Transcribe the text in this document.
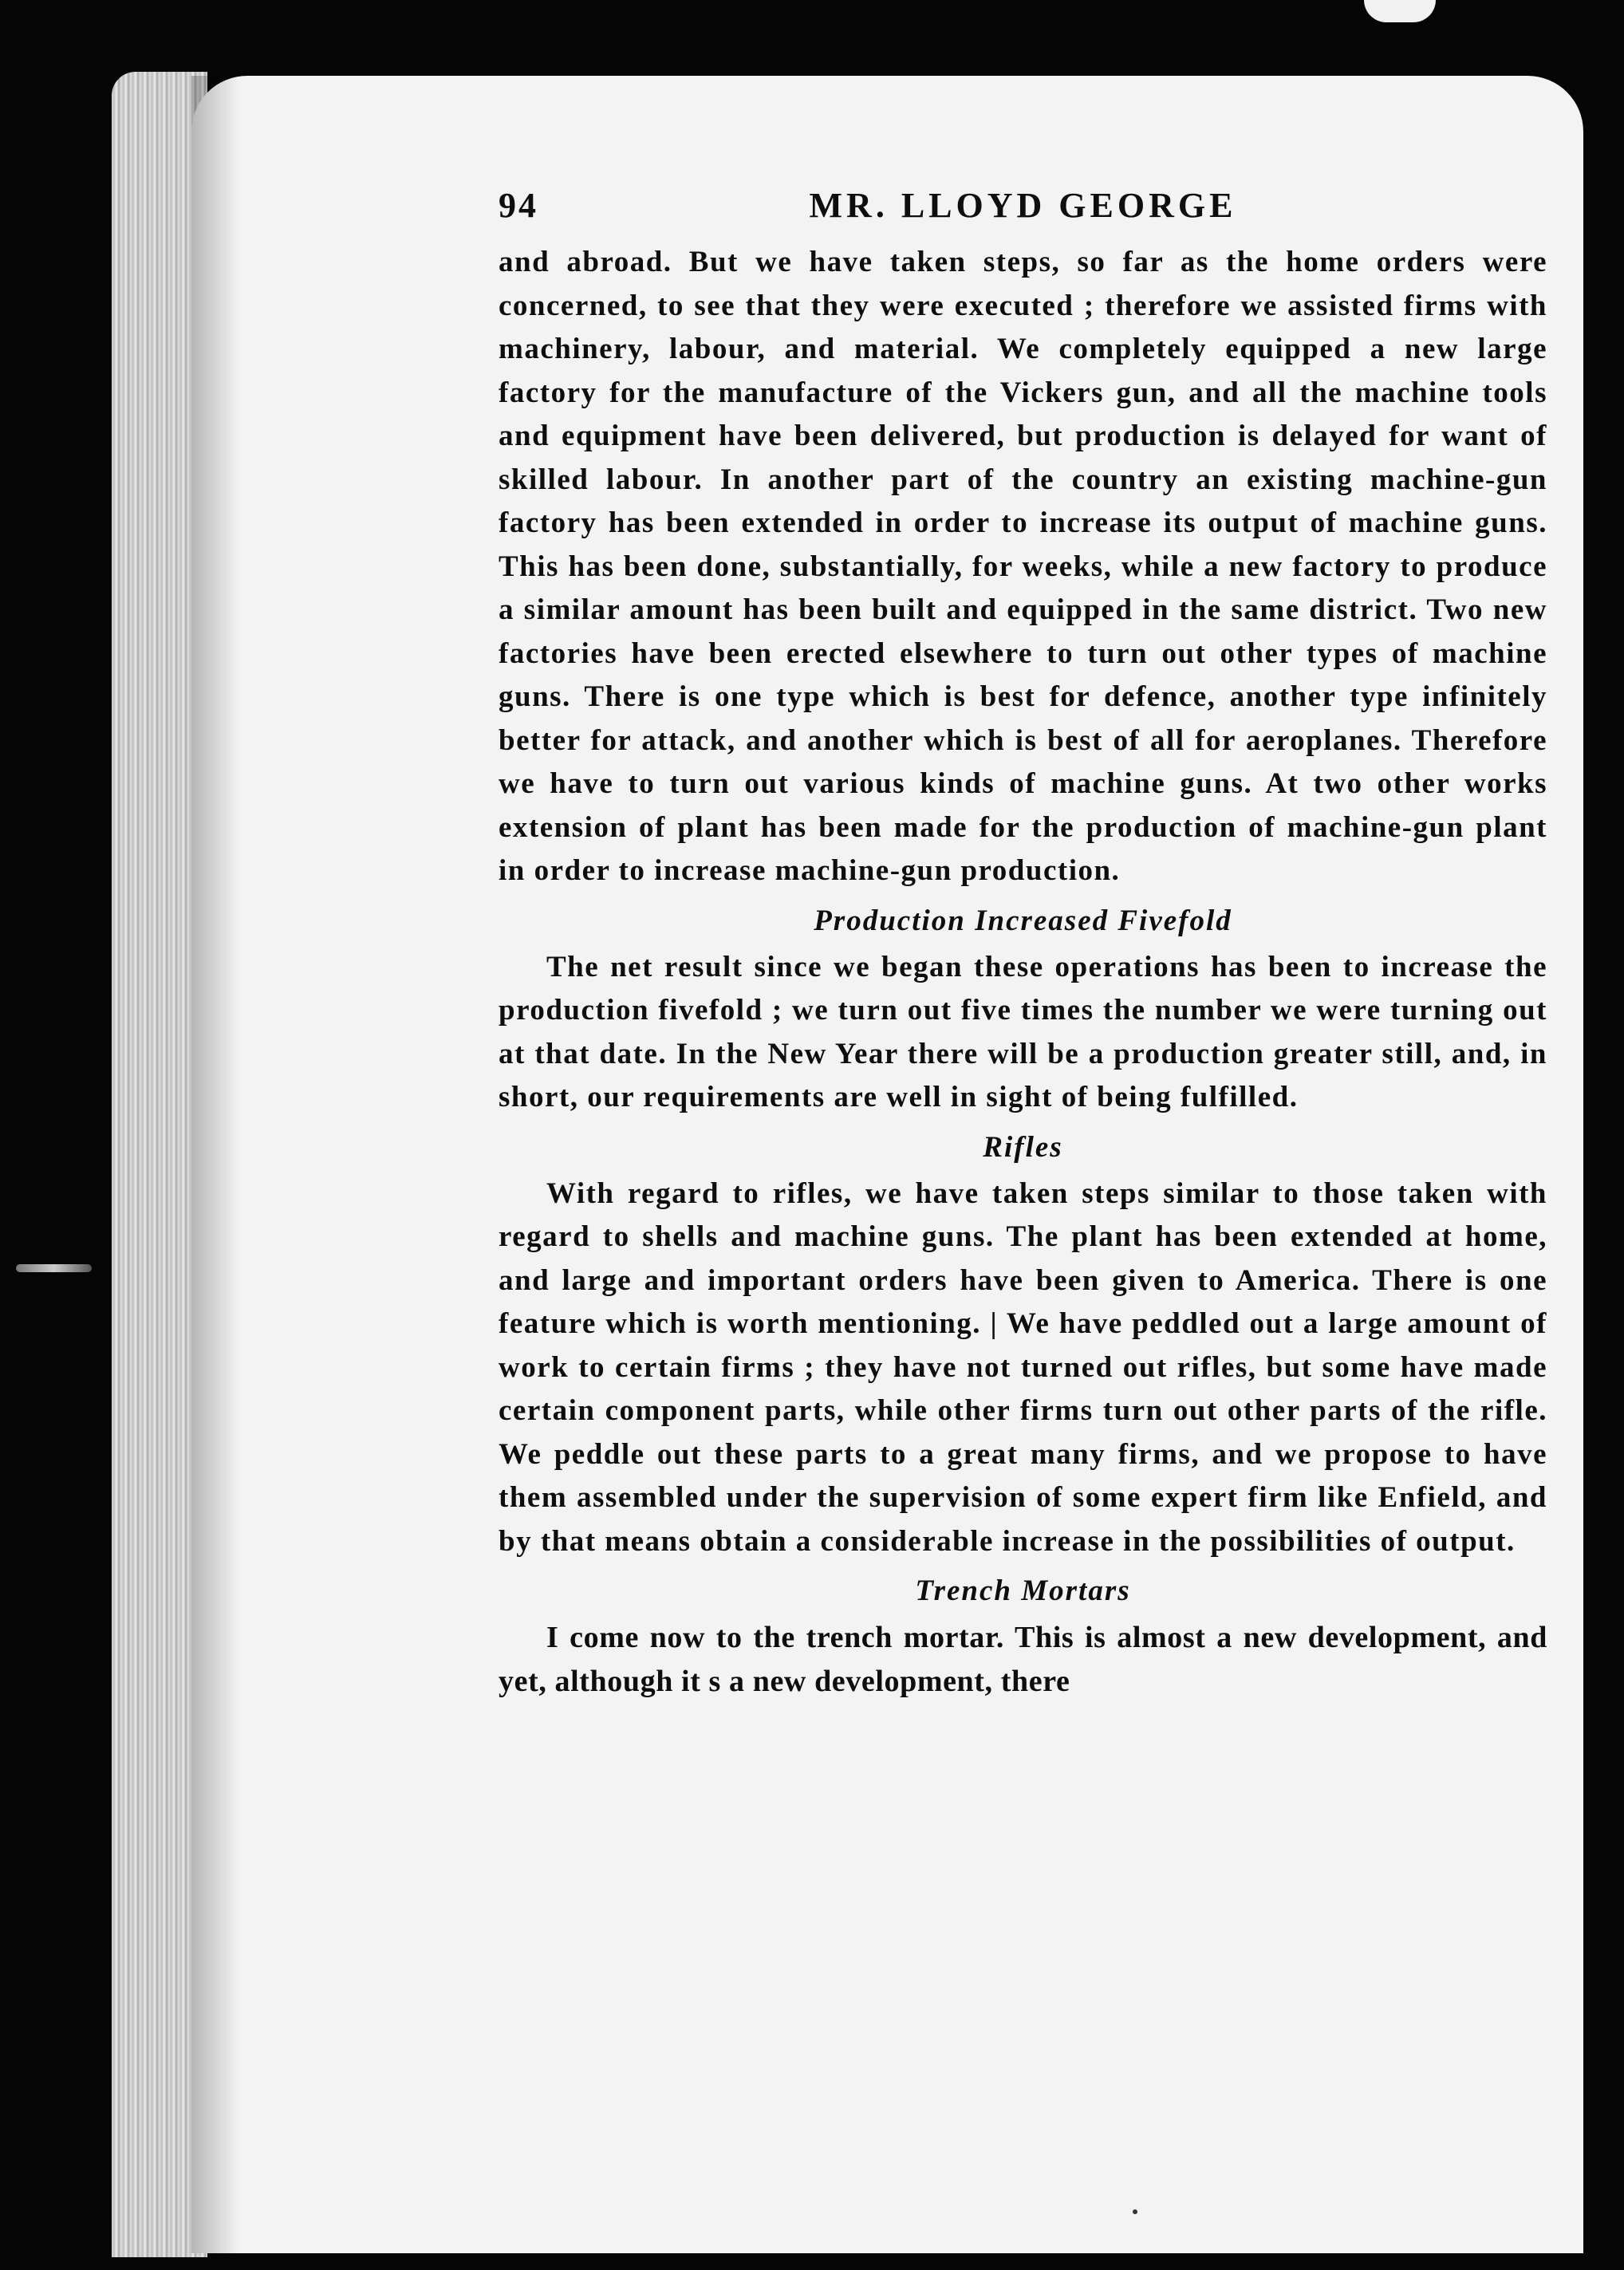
94	MR. LLOYD GEORGE

and abroad. But we have taken steps, so far as the home orders were concerned, to see that they were executed ; therefore we assisted firms with machinery, labour, and material. We completely equipped a new large factory for the manufacture of the Vickers gun, and all the machine tools and equipment have been delivered, but production is delayed for want of skilled labour. In another part of the country an existing machine-gun factory has been extended in order to increase its output of machine guns. This has been done, substantially, for weeks, while a new factory to produce a similar amount has been built and equipped in the same district. Two new factories have been erected elsewhere to turn out other types of machine guns. There is one type which is best for defence, another type infinitely better for attack, and another which is best of all for aeroplanes. Therefore we have to turn out various kinds of machine guns. At two other works extension of plant has been made for the production of machine-gun plant in order to increase machine-gun production.

Production Increased Fivefold

The net result since we began these operations has been to increase the production fivefold ; we turn out five times the number we were turning out at that date. In the New Year there will be a production greater still, and, in short, our requirements are well in sight of being fulfilled.

Rifles

With regard to rifles, we have taken steps similar to those taken with regard to shells and machine guns. The plant has been extended at home, and large and important orders have been given to America. There is one feature which is worth mentioning. | We have peddled out a large amount of work to certain firms ; they have not turned out rifles, but some have made certain component parts, while other firms turn out other parts of the rifle. We peddle out these parts to a great many firms, and we propose to have them assembled under the supervision of some expert firm like Enfield, and by that means obtain a considerable increase in the possibilities of output.

Trench Mortars

I come now to the trench mortar. This is almost a new development, and yet, although it s a new development, there
